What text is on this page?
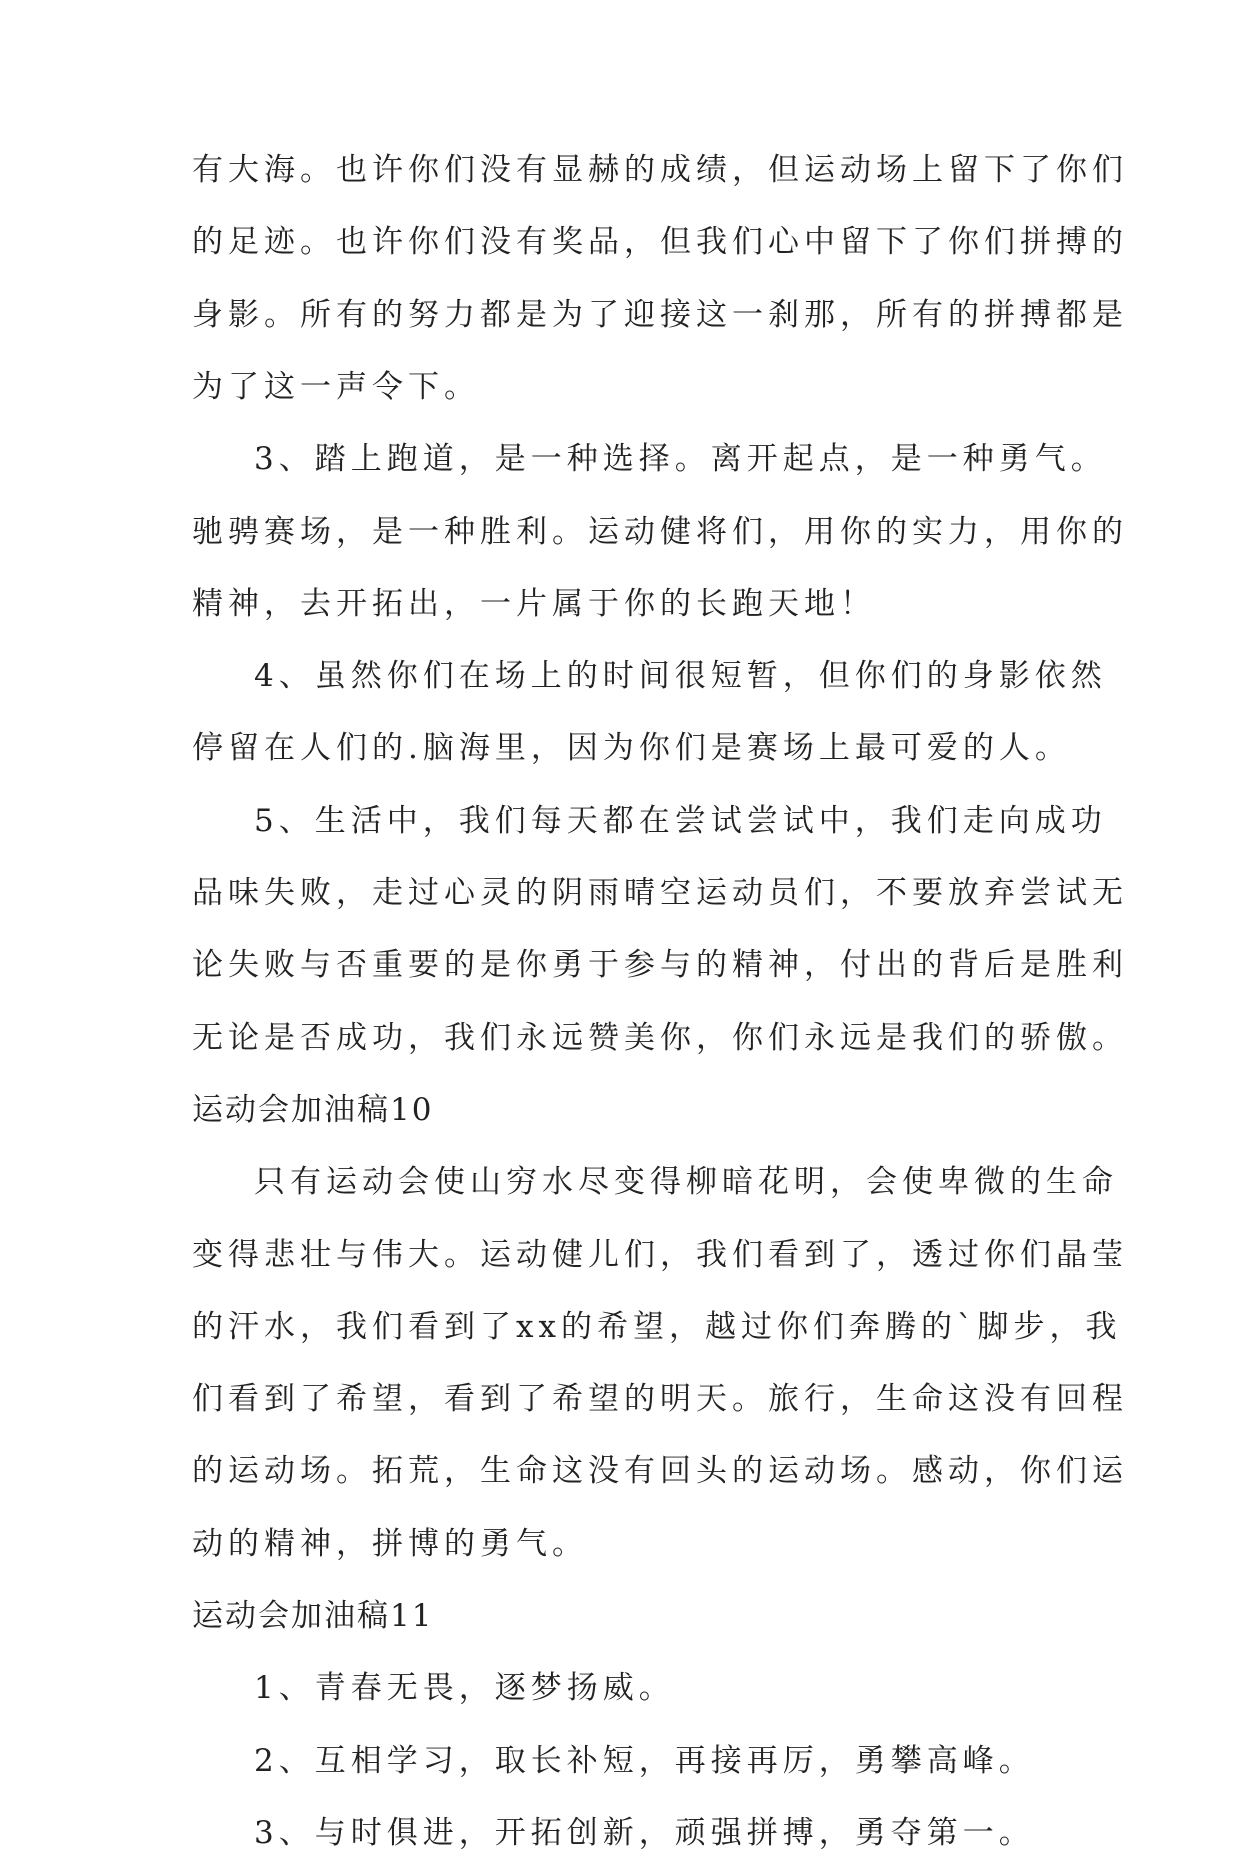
有大海。也许你们没有显赫的成绩，但运动场上留下了你们
的足迹。也许你们没有奖品，但我们心中留下了你们拼搏的
身影。所有的努力都是为了迎接这一刹那，所有的拼搏都是
为了这一声令下。
3、踏上跑道，是一种选择。离开起点，是一种勇气。
驰骋赛场，是一种胜利。运动健将们，用你的实力，用你的
精神，去开拓出，一片属于你的长跑天地！
4、虽然你们在场上的时间很短暂，但你们的身影依然
停留在人们的.脑海里，因为你们是赛场上最可爱的人。
5、生活中，我们每天都在尝试尝试中，我们走向成功
品味失败，走过心灵的阴雨晴空运动员们，不要放弃尝试无
论失败与否重要的是你勇于参与的精神，付出的背后是胜利
无论是否成功，我们永远赞美你，你们永远是我们的骄傲。
运动会加油稿10
只有运动会使山穷水尽变得柳暗花明，会使卑微的生命
变得悲壮与伟大。运动健儿们，我们看到了，透过你们晶莹
的汗水，我们看到了xx的希望，越过你们奔腾的`脚步，我
们看到了希望，看到了希望的明天。旅行，生命这没有回程
的运动场。拓荒，生命这没有回头的运动场。感动，你们运
动的精神，拼博的勇气。
运动会加油稿11
1、青春无畏，逐梦扬威。
2、互相学习，取长补短，再接再厉，勇攀高峰。
3、与时俱进，开拓创新，顽强拼搏，勇夺第一。
